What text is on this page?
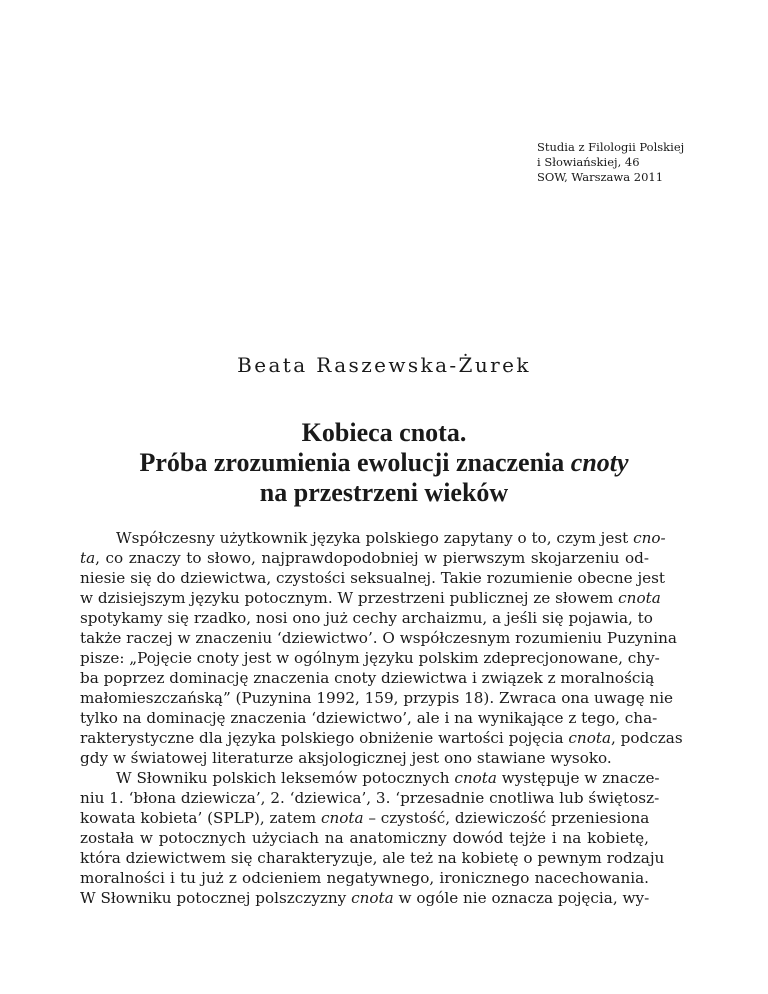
Studia z Filologii Polskiej
i Słowiańskiej, 46
SOW, Warszawa 2011
Beata Raszewska-Żurek
Kobieca cnota.
Próba zrozumienia ewolucji znaczenia cnoty
na przestrzeni wieków
Współczesny użytkownik języka polskiego zapytany o to, czym jest cno-
ta, co znaczy to słowo, najprawdopodobniej w pierwszym skojarzeniu od-
niesie się do dziewictwa, czystości seksualnej. Takie rozumienie obecne jest
w dzisiejszym języku potocznym. W przestrzeni publicznej ze słowem cnota
spotykamy się rzadko, nosi ono już cechy archaizmu, a jeśli się pojawia, to
także raczej w znaczeniu ‘dziewictwo’. O współczesnym rozumieniu Puzynina
pisze: „Pojęcie cnoty jest w ogólnym języku polskim zdeprecjonowane, chy-
ba poprzez dominację znaczenia cnoty dziewictwa i związek z moralnością
małomieszczańską” (Puzynina 1992, 159, przypis 18). Zwraca ona uwagę nie
tylko na dominację znaczenia ‘dziewictwo’, ale i na wynikające z tego, cha-
rakterystyczne dla języka polskiego obniżenie wartości pojęcia cnota, podczas
gdy w światowej literaturze aksjologicznej jest ono stawiane wysoko.
W Słowniku polskich leksemów potocznych cnota występuje w znacze-
niu 1. ‘błona dziewicza’, 2. ‘dziewica’, 3. ‘przesadnie cnotliwa lub świętosz-
kowata kobieta’ (SPLP), zatem cnota – czystość, dziewiczość przeniesiona
została w potocznych użyciach na anatomiczny dowód tejże i na kobietę,
która dziewictwem się charakteryzuje, ale też na kobietę o pewnym rodzaju
moralności i tu już z odcieniem negatywnego, ironicznego nacechowania.
W Słowniku potocznej polszczyzny cnota w ogóle nie oznacza pojęcia, wy-
